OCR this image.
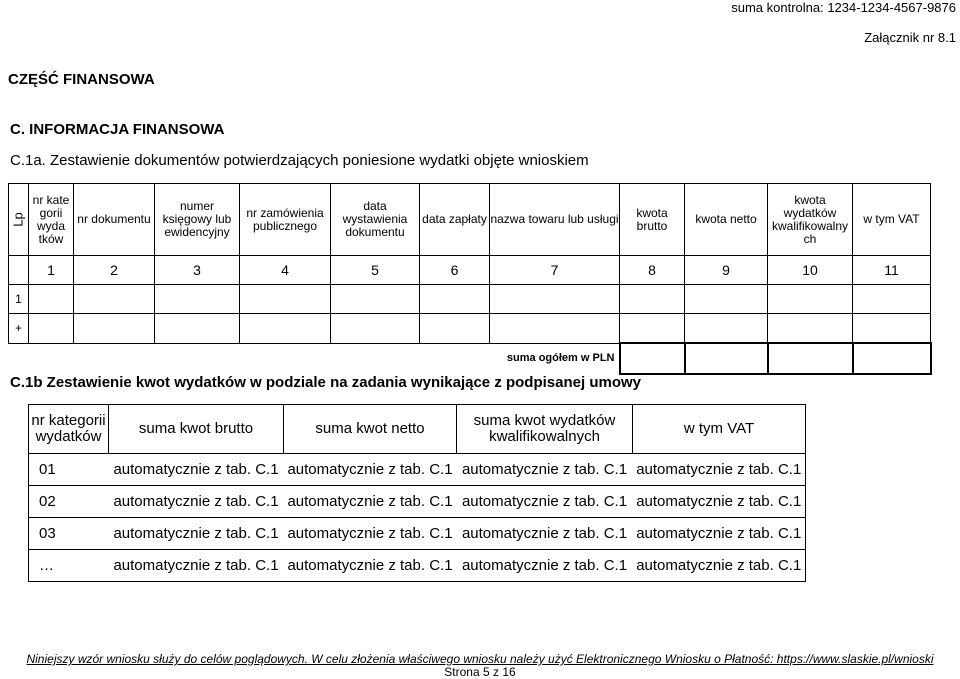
suma kontrolna: 1234-1234-4567-9876
Załącznik nr 8.1
CZĘŚĆ FINANSOWA
C. INFORMACJA FINANSOWA
C.1a. Zestawienie dokumentów potwierdzających poniesione wydatki objęte wnioskiem
Lp	nr kate gorii wyda tków	nr dokumentu	numer księgowy lub ewidencyjny	nr zamówienia publicznego	data wystawienia dokumentu	data zapłaty	nazwa towaru lub usługi	kwota brutto	kwota netto	kwota wydatków kwalifikowalny ch	w tym VAT
	1	2	3	4	5	6	7	8	9	10	11
1											
+											

suma ogółem w PLN											

C.1b Zestawienie kwot wydatków w podziale na zadania wynikające z podpisanej umowy
nr kategorii wydatków	suma kwot brutto	suma kwot netto	suma kwot wydatków kwalifikowalnych	w tym VAT
01	automatycznie z tab. C.1	automatycznie z tab. C.1	automatycznie z tab. C.1	automatycznie z tab. C.1
02	automatycznie z tab. C.1	automatycznie z tab. C.1	automatycznie z tab. C.1	automatycznie z tab. C.1
03	automatycznie z tab. C.1	automatycznie z tab. C.1	automatycznie z tab. C.1	automatycznie z tab. C.1
…	automatycznie z tab. C.1	automatycznie z tab. C.1	automatycznie z tab. C.1	automatycznie z tab. C.1
Niniejszy wzór wniosku służy do celów poglądowych. W celu złożenia właściwego wniosku należy użyć Elektronicznego Wniosku o Płatność: https://www.slaskie.pl/wnioski
Strona 5 z 16
